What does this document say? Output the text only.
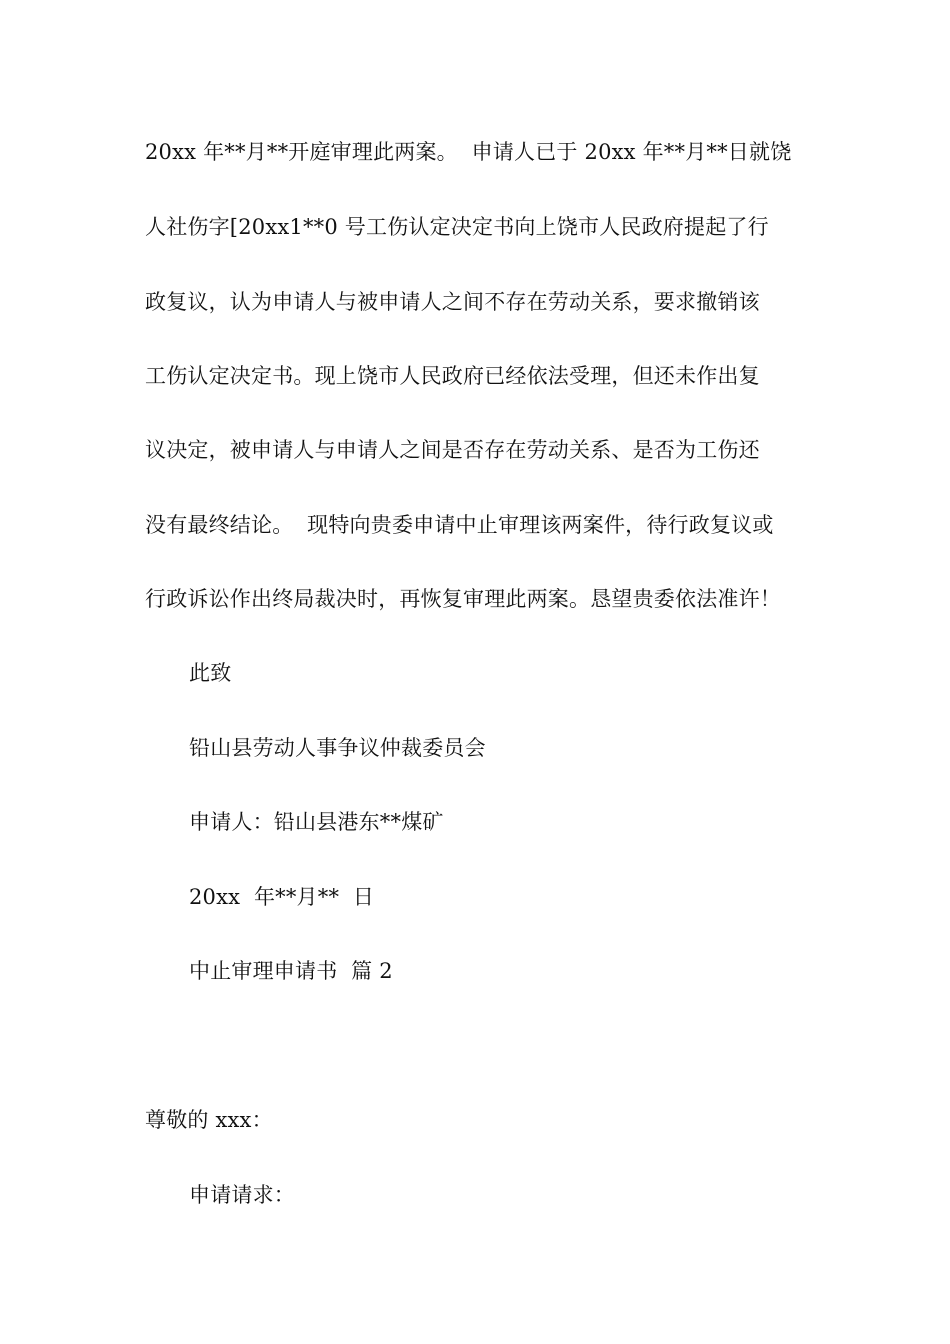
20xx 年**月**开庭审理此两案。  申请人已于 20xx 年**月**日就饶
人社伤字[20xx1**0 号工伤认定决定书向上饶市人民政府提起了行
政复议，认为申请人与被申请人之间不存在劳动关系，要求撤销该
工伤认定决定书。现上饶市人民政府已经依法受理，但还未作出复
议决定，被申请人与申请人之间是否存在劳动关系、是否为工伤还
没有最终结论。  现特向贵委申请中止审理该两案件，待行政复议或
行政诉讼作出终局裁决时，再恢复审理此两案。恳望贵委依法准许！
此致
铅山县劳动人事争议仲裁委员会
申请人：铅山县港东**煤矿
20xx  年**月**  日
中止审理申请书  篇 2
尊敬的 xxx：
申请请求：
